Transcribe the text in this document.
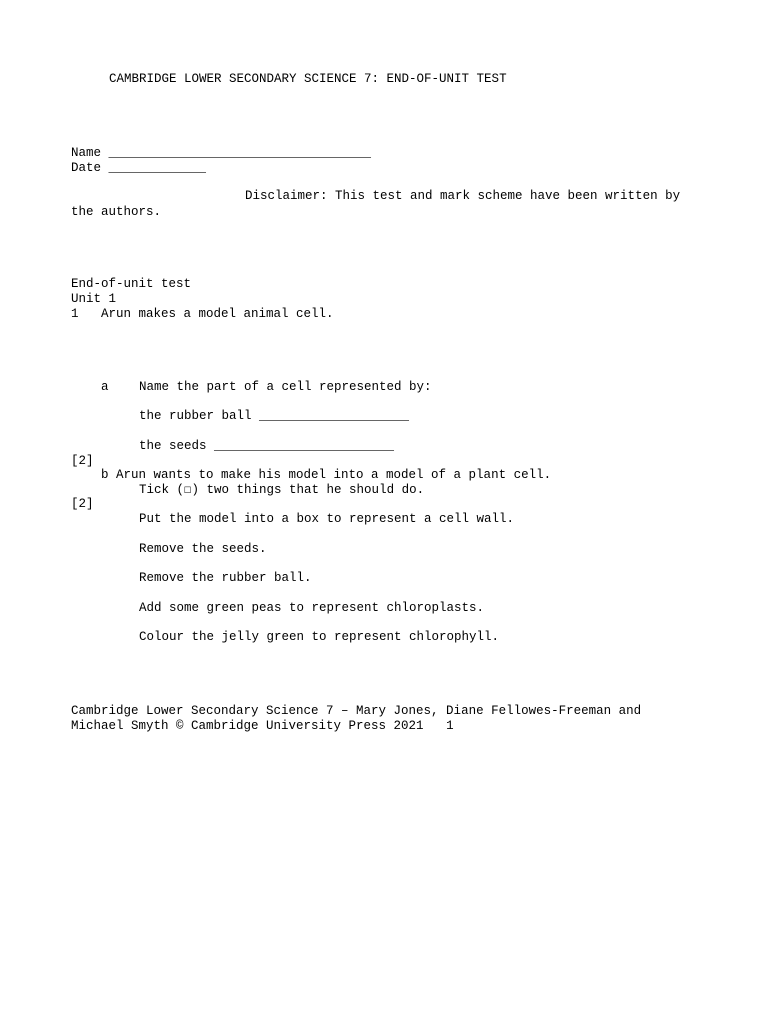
CAMBRIDGE LOWER SECONDARY SCIENCE 7: END-OF-UNIT TEST
Name ___________________________________
Date _____________
Disclaimer: This test and mark scheme have been written by
the authors.
End-of-unit test
Unit 1
1   Arun makes a model animal cell.
a Name the part of a cell represented by:
the rubber ball ____________________
the seeds ________________________
[2]
b Arun wants to make his model into a model of a plant cell.
Tick (☐) two things that he should do.
[2]
Put the model into a box to represent a cell wall.
Remove the seeds.
Remove the rubber ball.
Add some green peas to represent chloroplasts.
Colour the jelly green to represent chlorophyll.
Cambridge Lower Secondary Science 7 – Mary Jones, Diane Fellowes-Freeman and
Michael Smyth © Cambridge University Press 2021 1
